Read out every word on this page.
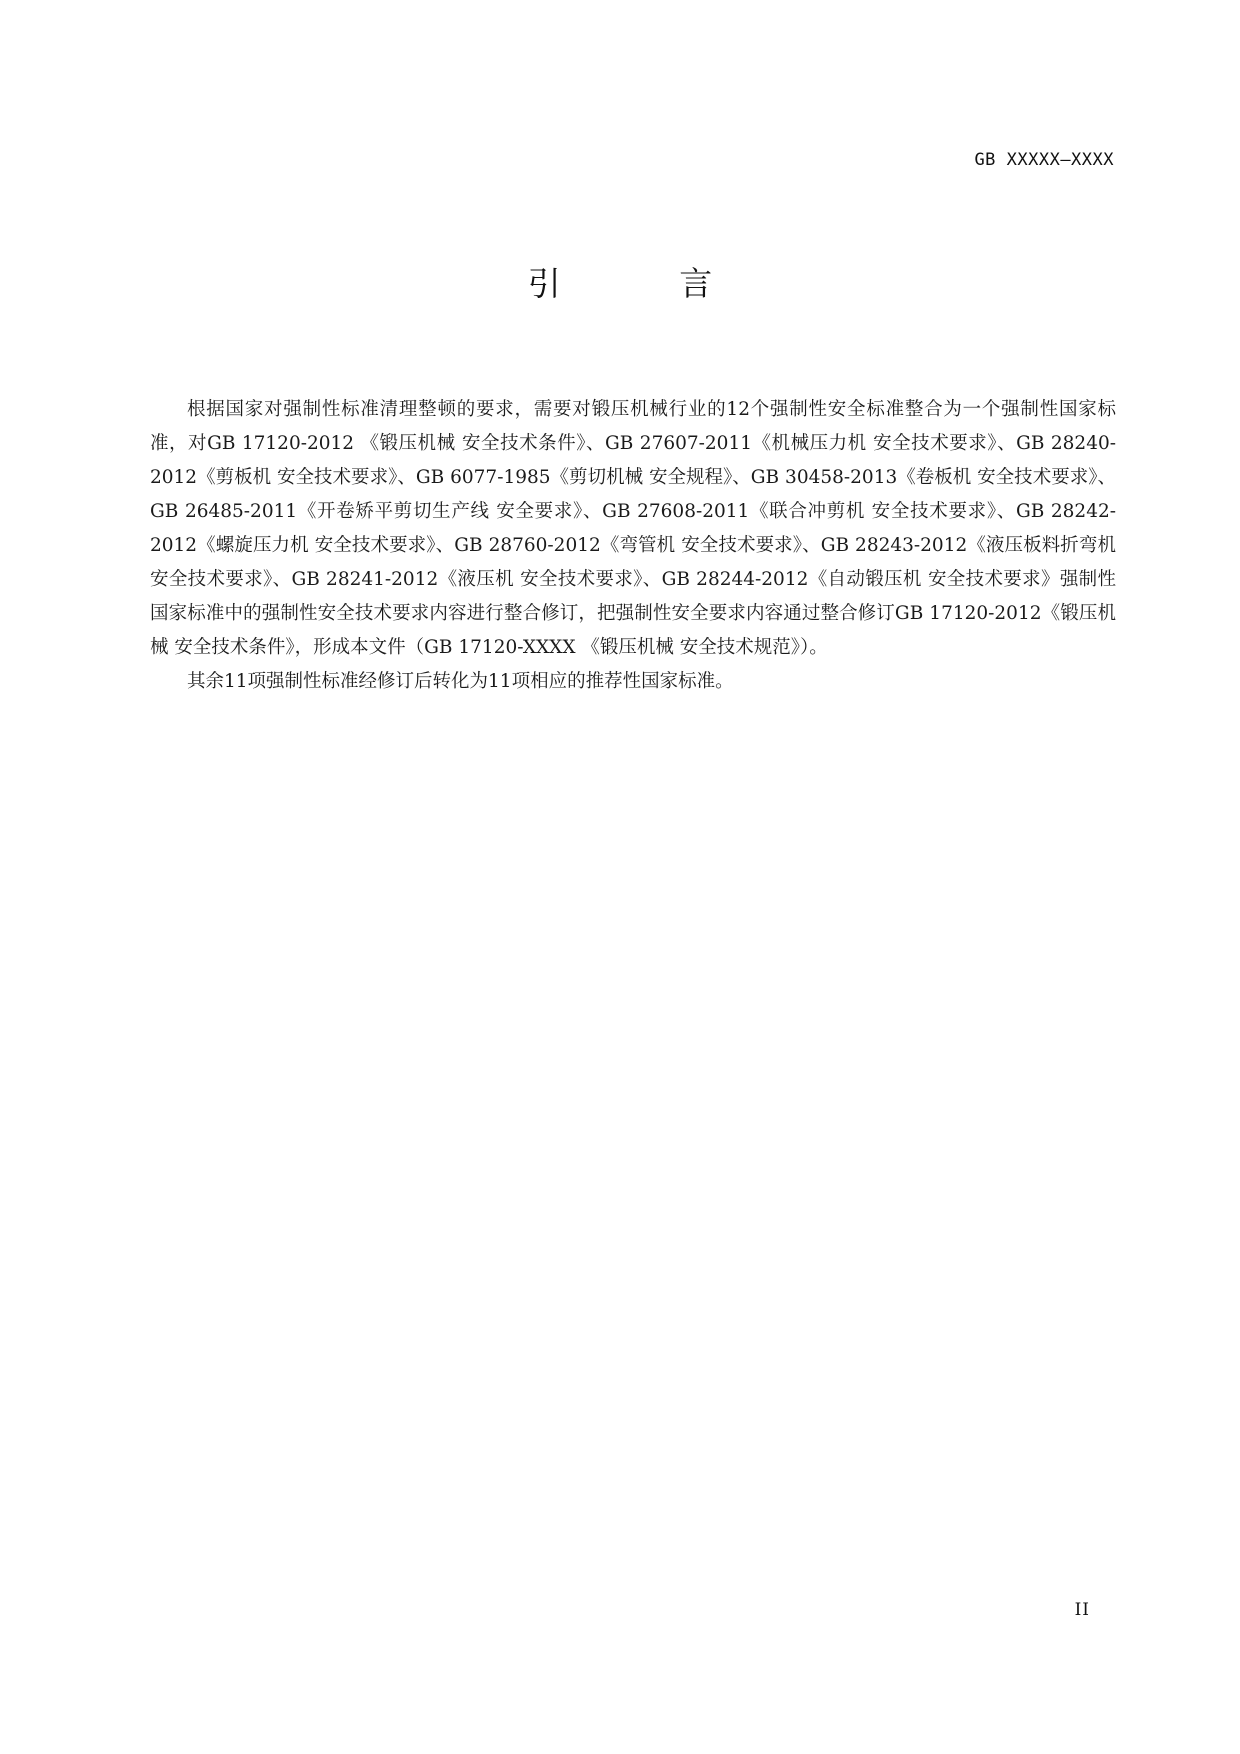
GB XXXXX—XXXX
引 言

根据国家对强制性标准清理整顿的要求，需要对锻压机械行业的12个强制性安全标准整合为一个强制性国家标准，对GB 17120-2012 《锻压机械 安全技术条件》、GB 27607-2011《机械压力机 安全技术要求》、GB 28240-2012《剪板机 安全技术要求》、GB 6077-1985《剪切机械 安全规程》、GB 30458-2013《卷板机 安全技术要求》、GB 26485-2011《开卷矫平剪切生产线 安全要求》、GB 27608-2011《联合冲剪机 安全技术要求》、GB 28242-2012《螺旋压力机 安全技术要求》、GB 28760-2012《弯管机 安全技术要求》、GB 28243-2012《液压板料折弯机 安全技术要求》、GB 28241-2012《液压机 安全技术要求》、GB 28244-2012《自动锻压机 安全技术要求》强制性国家标准中的强制性安全技术要求内容进行整合修订，把强制性安全要求内容通过整合修订GB 17120-2012《锻压机械 安全技术条件》，形成本文件（GB 17120-XXXX 《锻压机械 安全技术规范》）。

其余11项强制性标准经修订后转化为11项相应的推荐性国家标准。

II
